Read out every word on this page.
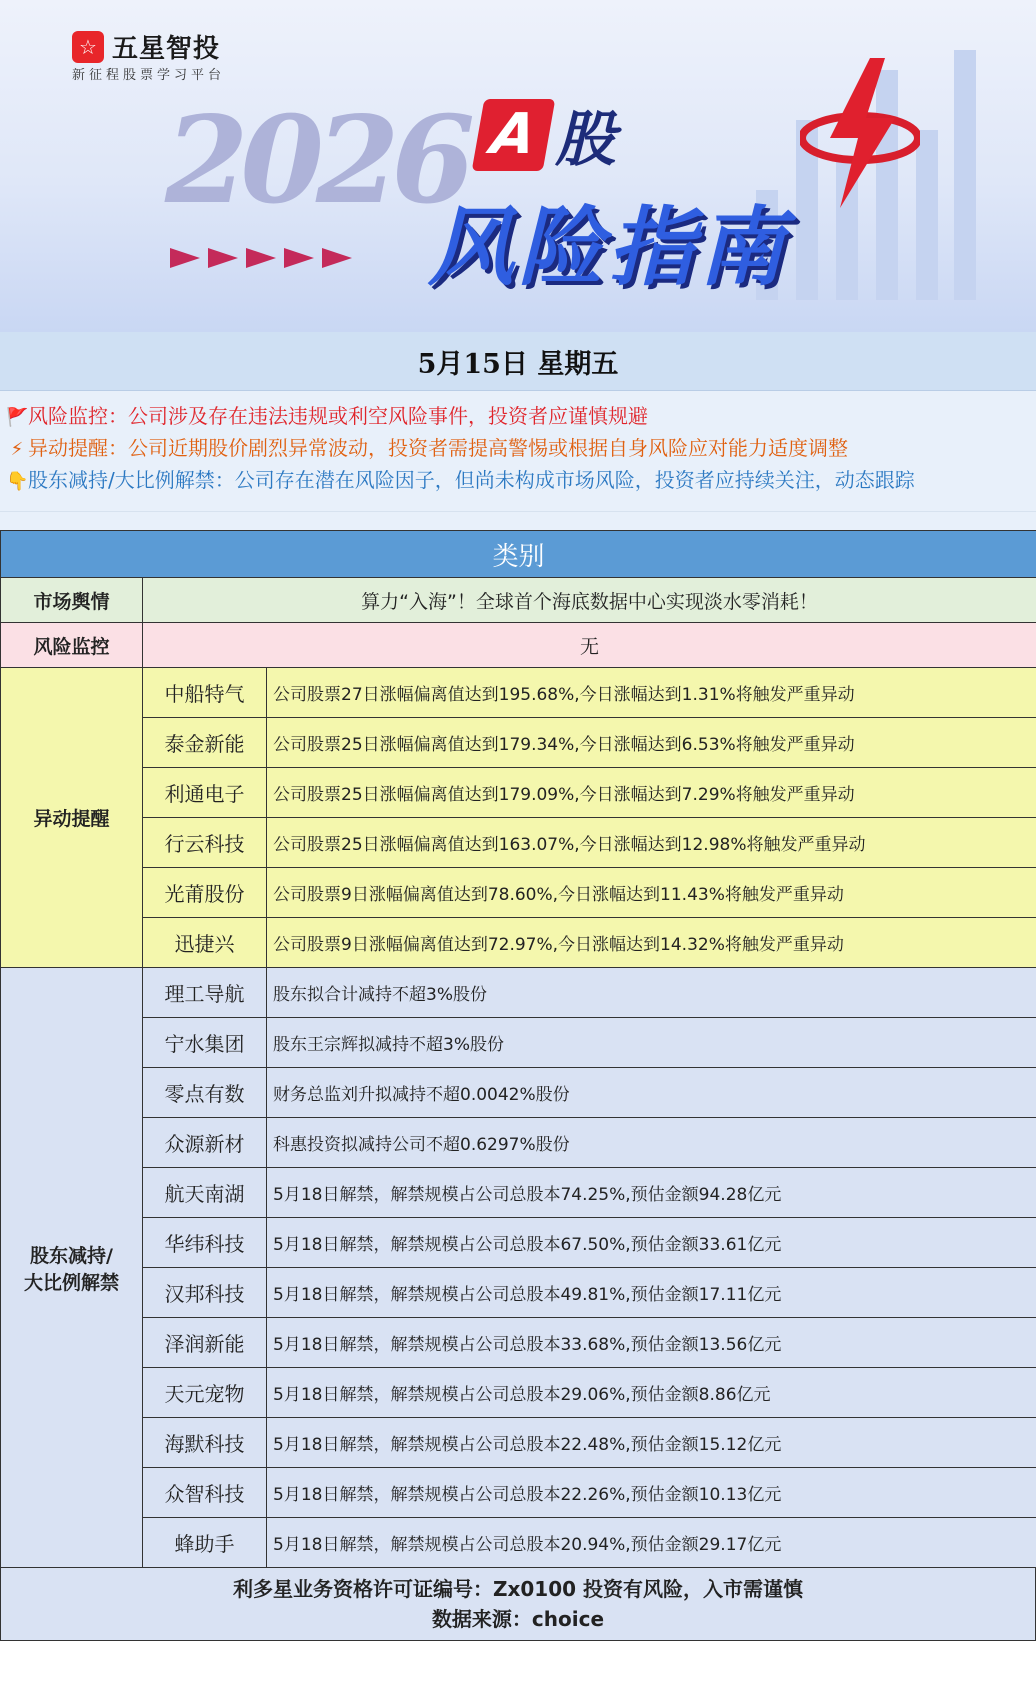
☆ 五星智投
新征程股票学习平台
2026 A 股
风险指南
5月15日 星期五
🚩风险监控：公司涉及存在违法违规或利空风险事件，投资者应谨慎规避
⚡ 异动提醒：公司近期股价剧烈异常波动，投资者需提高警惕或根据自身风险应对能力适度调整
👇股东减持/大比例解禁：公司存在潜在风险因子，但尚未构成市场风险，投资者应持续关注，动态跟踪
类别		
市场舆情	算力“入海”！全球首个海底数据中心实现淡水零消耗！	
风险监控	无	
异动提醒	中船特气	公司股票27日涨幅偏离值达到195.68%,今日涨幅达到1.31%将触发严重异动
	泰金新能	公司股票25日涨幅偏离值达到179.34%,今日涨幅达到6.53%将触发严重异动
	利通电子	公司股票25日涨幅偏离值达到179.09%,今日涨幅达到7.29%将触发严重异动
	行云科技	公司股票25日涨幅偏离值达到163.07%,今日涨幅达到12.98%将触发严重异动
	光莆股份	公司股票9日涨幅偏离值达到78.60%,今日涨幅达到11.43%将触发严重异动
	迅捷兴	公司股票9日涨幅偏离值达到72.97%,今日涨幅达到14.32%将触发严重异动
股东减持/
大比例解禁	理工导航	股东拟合计减持不超3%股份
	宁水集团	股东王宗辉拟减持不超3%股份
	零点有数	财务总监刘升拟减持不超0.0042%股份
	众源新材	科惠投资拟减持公司不超0.6297%股份
	航天南湖	5月18日解禁，解禁规模占公司总股本74.25%,预估金额94.28亿元
	华纬科技	5月18日解禁，解禁规模占公司总股本67.50%,预估金额33.61亿元
	汉邦科技	5月18日解禁，解禁规模占公司总股本49.81%,预估金额17.11亿元
	泽润新能	5月18日解禁，解禁规模占公司总股本33.68%,预估金额13.56亿元
	天元宠物	5月18日解禁，解禁规模占公司总股本29.06%,预估金额8.86亿元
	海默科技	5月18日解禁，解禁规模占公司总股本22.48%,预估金额15.12亿元
	众智科技	5月18日解禁，解禁规模占公司总股本22.26%,预估金额10.13亿元
	蜂助手	5月18日解禁，解禁规模占公司总股本20.94%,预估金额29.17亿元
利多星业务资格许可证编号：Zx0100 投资有风险，入市需谨慎
数据来源：choice
